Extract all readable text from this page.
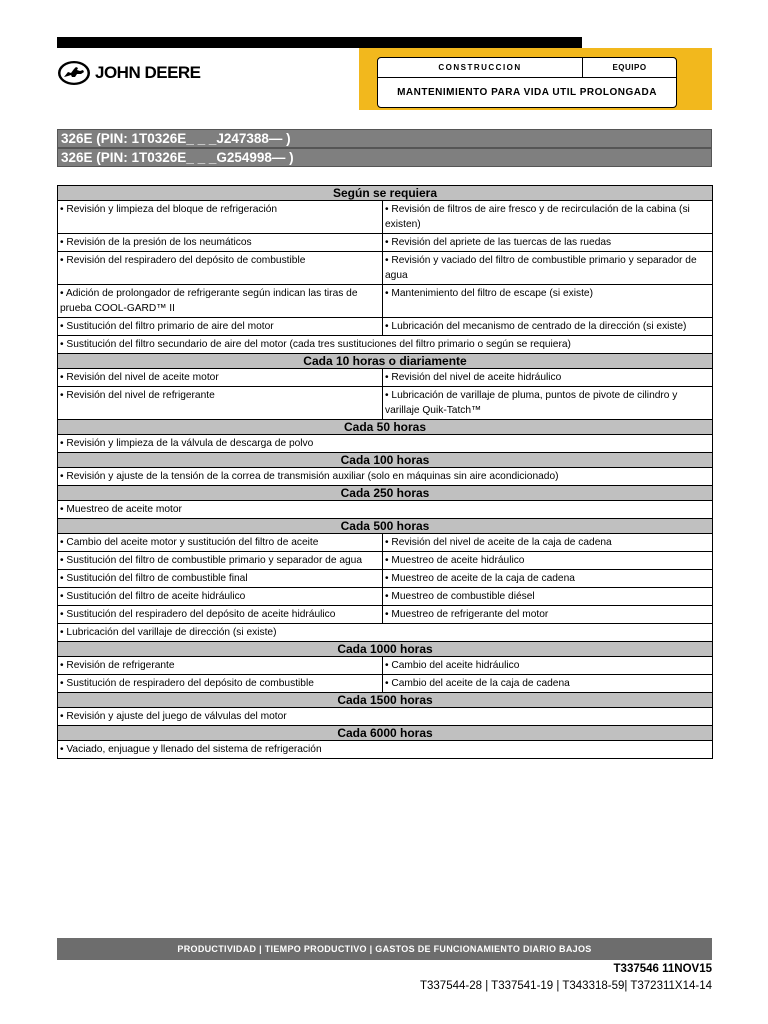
JOHN DEERE	CONSTRUCCION	EQUIPO
MANTENIMIENTO PARA VIDA UTIL PROLONGADA
326E (PIN: 1T0326E_ _ _J247388— )
326E (PIN: 1T0326E_ _ _G254998— )
Según se requiera	
• Revisión y limpieza del bloque de refrigeración	• Revisión de filtros de aire fresco y de recirculación de la cabina (si existen)
• Revisión de la presión de los neumáticos	• Revisión del apriete de las tuercas de las ruedas
• Revisión del respiradero del depósito de combustible	• Revisión y vaciado del filtro de combustible primario y separador de agua
• Adición de prolongador de refrigerante según indican las tiras de prueba COOL-GARD™ II	• Mantenimiento del filtro de escape (si existe)
• Sustitución del filtro primario de aire del motor	• Lubricación del mecanismo de centrado de la dirección (si existe)
• Sustitución del filtro secundario de aire del motor (cada tres sustituciones del filtro primario o según se requiera)	
Cada 10 horas o diariamente	
• Revisión del nivel de aceite motor	• Revisión del nivel de aceite hidráulico
• Revisión del nivel de refrigerante	• Lubricación de varillaje de pluma, puntos de pivote de cilindro y varillaje Quik-Tatch™
Cada 50 horas	
• Revisión y limpieza de la válvula de descarga de polvo	
Cada 100 horas	
• Revisión y ajuste de la tensión de la correa de transmisión auxiliar (solo en máquinas sin aire acondicionado)	
Cada 250 horas	
• Muestreo de aceite motor	
Cada 500 horas	
• Cambio del aceite motor y sustitución del filtro de aceite	• Revisión del nivel de aceite de la caja de cadena
• Sustitución del filtro de combustible primario y separador de agua	• Muestreo de aceite hidráulico
• Sustitución del filtro de combustible final	• Muestreo de aceite de la caja de cadena
• Sustitución del filtro de aceite hidráulico	• Muestreo de combustible diésel
• Sustitución del respiradero del depósito de aceite hidráulico	• Muestreo de refrigerante del motor
• Lubricación del varillaje de dirección (si existe)	
Cada 1000 horas	
• Revisión de refrigerante	• Cambio del aceite hidráulico
• Sustitución de respiradero del depósito de combustible	• Cambio del aceite de la caja de cadena
Cada 1500 horas	
• Revisión y ajuste del juego de válvulas del motor	
Cada 6000 horas	
• Vaciado, enjuague y llenado del sistema de refrigeración	
PRODUCTIVIDAD | TIEMPO PRODUCTIVO | GASTOS DE FUNCIONAMIENTO DIARIO BAJOS
T337546 11NOV15
T337544-28 | T337541-19 | T343318-59| T372311X14-14
